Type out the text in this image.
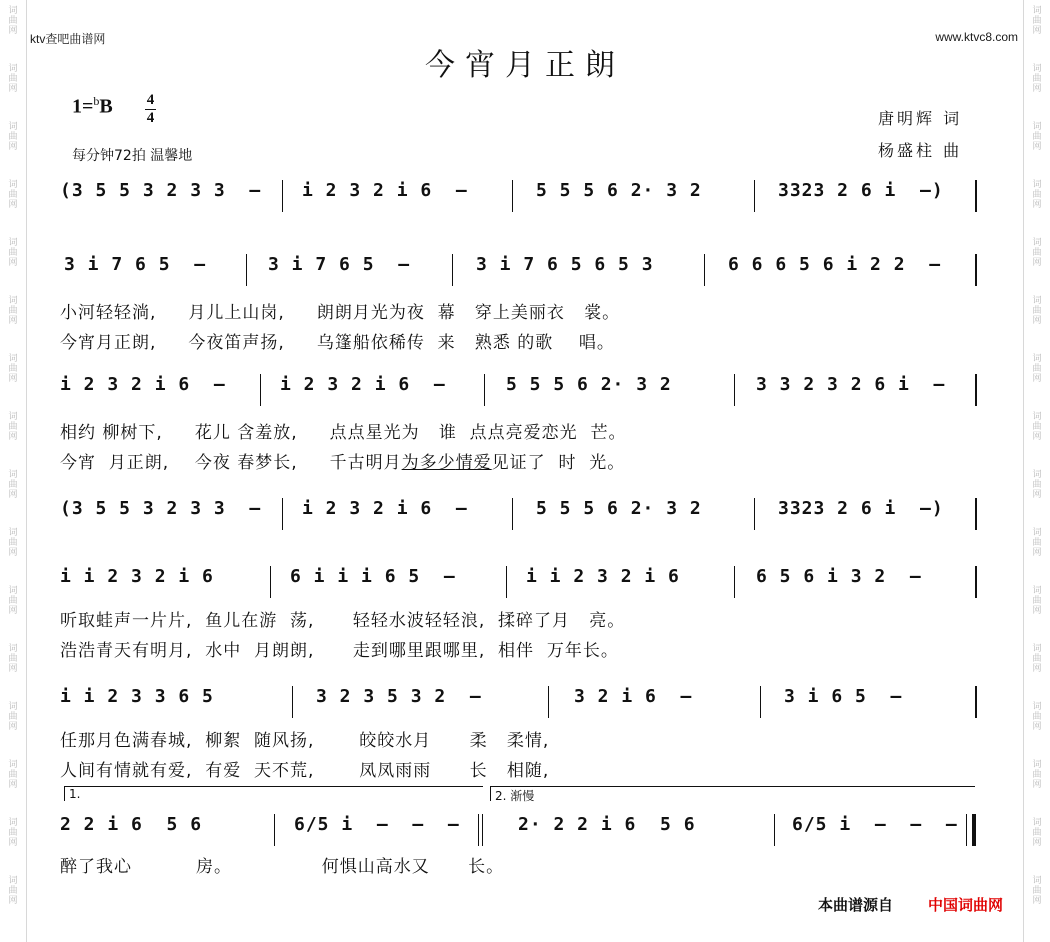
词
曲
网
词
曲
网
词
曲
网
词
曲
网
词
曲
网
词
曲
网
词
曲
网
词
曲
网
词
曲
网
词
曲
网
词
曲
网
词
曲
网
词
曲
网
词
曲
网
词
曲
网
词
曲
网
词
曲
网
词
曲
网
词
曲
网
词
曲
网
词
曲
网
词
曲
网
词
曲
网
词
曲
网
词
曲
网
词
曲
网
词
曲
网
词
曲
网
词
曲
网
词
曲
网
词
曲
网
词
曲
网
ktv查吧曲谱网	www.ktvc8.com
今宵月正朗
1=$^b$B 4
4
每分钟72拍 温馨地
唐明辉 词
杨盛柱 曲
(3 5 5 3 2 3 3  – i 2 3 2 i 6  –	5 5 5 6 2· 3 2	3323 2 6 i  –)
3 i 7 6 5  –	3 i 7 6 5  –	3 i 7 6 5 6 5 3	6 6 6 5 6 i 2 2  –
小河轻轻淌,     月儿上山岗,     朗朗月光为夜  幕   穿上美丽衣   裳。
今宵月正朗,     今夜笛声扬,     乌篷船依稀传  来   熟悉 的歌    唱。
i 2 3 2 i 6  –	i 2 3 2 i 6  –	5 5 5 6 2· 3 2	3 3 2 3 2 6 i  –
相约 柳树下,     花儿 含羞放,     点点星光为   谁  点点亮爱恋光  芒。
今宵  月正朗,    今夜 春梦长,     千古明月为多少情爱见证了  时  光。
(3 5 5 3 2 3 3  – i 2 3 2 i 6  –	5 5 5 6 2· 3 2	3323 2 6 i  –)
i i 2 3 2 i 6	6 i i i 6 5  –	i i 2 3 2 i 6	6 5 6 i 3 2  –
听取蛙声一片片,  鱼儿在游  荡,      轻轻水波轻轻浪,  揉碎了月   亮。
浩浩青天有明月,  水中  月朗朗,      走到哪里跟哪里,  相伴  万年长。
i i 2 3 3 6 5	3 2 3 5 3 2  –	3 2 i 6  –	3 i 6 5  –
任那月色满春城,  柳絮  随风扬,       皎皎水月      柔   柔情,
人间有情就有爱,  有爱  天不荒,       凤凤雨雨      长   相随,
1.	2. 渐慢
2 2 i 6  5 6	6/5 i  –  –  –	2· 2 2 i 6  5 6	6/5 i  –  –  –
醉了我心          房。              何惧山高水又      长。
本曲谱源自 中国词曲网
